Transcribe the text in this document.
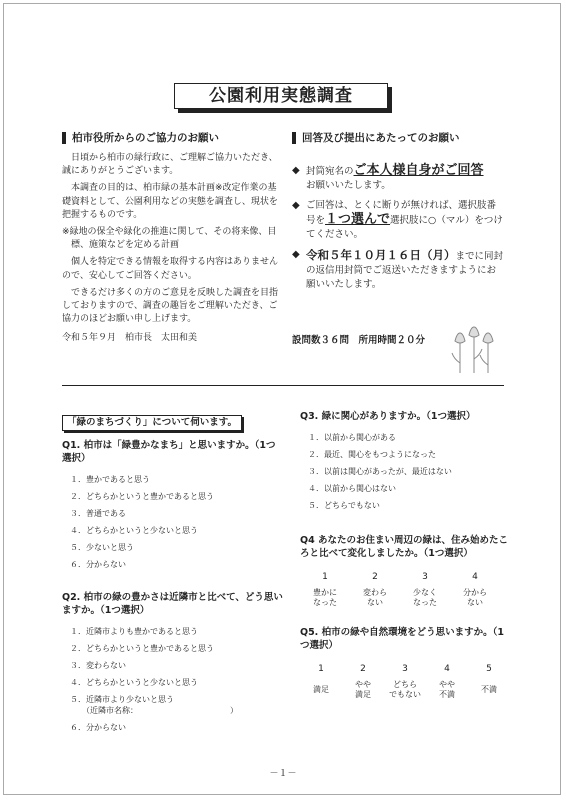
公園利用実態調査
柏市役所からのご協力のお願い

日頃から柏市の緑行政に、ご理解ご協力いただき、誠にありがとうございます。

本調査の目的は、柏市緑の基本計画※改定作業の基礎資料として、公園利用などの実態を調査し、現状を把握するものです。

※緑地の保全や緑化の推進に関して、その将来像、目標、施策などを定める計画

個人を特定できる情報を取得する内容はありませんので、安心してご回答ください。

できるだけ多くの方のご意見を反映した調査を目指しておりますので、調査の趣旨をご理解いただき、ご協力のほどお願い申し上げます。

令和５年９月　柏市長　太田和美

回答及び提出にあたってのお願い
◆ 封筒宛名のご本人様自身がご回答
お願いいたします。
◆ ご回答は、とくに断りが無ければ、選択肢番号を１つ選んで選択肢に○（マル）をつけてください。
◆ 令和５年１０月１６日（月）までに同封の返信用封筒でご返送いただきますようにお願いいたします。
設問数３６問　所用時間２０分
「緑のまちづくり」について伺います。
Q1. 柏市は「緑豊かなまち」と思いますか。（1つ選択）
１．豊かであると思う
２．どちらかというと豊かであると思う
３．普通である
４．どちらかというと少ないと思う
５．少ないと思う
６．分からない
Q2. 柏市の緑の豊かさは近隣市と比べて、どう思いますか。（1つ選択）
１．近隣市よりも豊かであると思う
２．どちらかというと豊かであると思う
３．変わらない
４．どちらかというと少ないと思う
５．近隣市より少ないと思う
（近隣市名称：　　　　　　　　　　　　）
６．分からない
Q3. 緑に関心がありますか。（1つ選択）
１．以前から関心がある
２．最近、関心をもつようになった
３．以前は関心があったが、最近はない
４．以前から関心はない
５．どちらでもない
Q4 あなたのお住まい周辺の緑は、住み始めたころと比べて変化しましたか。（1つ選択）
1
豊かに
なった
2
変わら
ない
3
少なく
なった
4
分から
ない
Q5. 柏市の緑や自然環境をどう思いますか。（1つ選択）
1
満足
2
やや
満足
3
どちら
でもない
4
やや
不満
5
不満
－１－
